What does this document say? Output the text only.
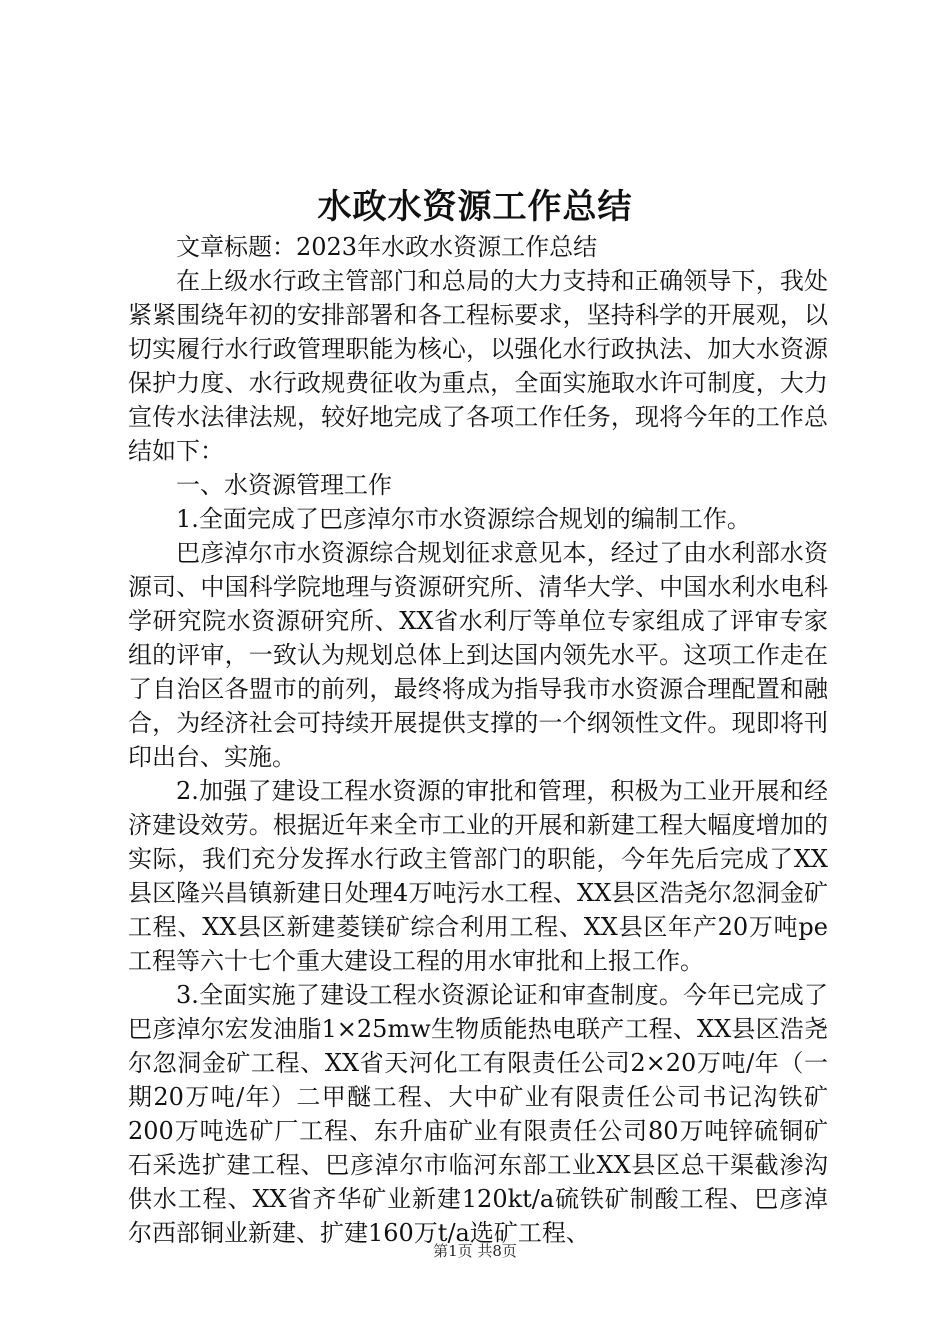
水政水资源工作总结

文章标题：2023年水政水资源工作总结

在上级水行政主管部门和总局的大力支持和正确领导下，我处紧紧围绕年初的安排部署和各工程标要求，坚持科学的开展观，以切实履行水行政管理职能为核心，以强化水行政执法、加大水资源保护力度、水行政规费征收为重点，全面实施取水许可制度，大力宣传水法律法规，较好地完成了各项工作任务，现将今年的工作总结如下：

一、水资源管理工作

1.全面完成了巴彦淖尔市水资源综合规划的编制工作。

巴彦淖尔市水资源综合规划征求意见本，经过了由水利部水资源司、中国科学院地理与资源研究所、清华大学、中国水利水电科学研究院水资源研究所、XX省水利厅等单位专家组成了评审专家组的评审，一致认为规划总体上到达国内领先水平。这项工作走在了自治区各盟市的前列，最终将成为指导我市水资源合理配置和融合，为经济社会可持续开展提供支撑的一个纲领性文件。现即将刊印出台、实施。

2.加强了建设工程水资源的审批和管理，积极为工业开展和经济建设效劳。根据近年来全市工业的开展和新建工程大幅度增加的实际，我们充分发挥水行政主管部门的职能，今年先后完成了XX县区隆兴昌镇新建日处理4万吨污水工程、XX县区浩尧尔忽洞金矿工程、XX县区新建菱镁矿综合利用工程、XX县区年产20万吨pe工程等六十七个重大建设工程的用水审批和上报工作。

3.全面实施了建设工程水资源论证和审查制度。今年已完成了巴彦淖尔宏发油脂1×25mw生物质能热电联产工程、XX县区浩尧尔忽洞金矿工程、XX省天河化工有限责任公司2×20万吨/年（一期20万吨/年）二甲醚工程、大中矿业有限责任公司书记沟铁矿200万吨选矿厂工程、东升庙矿业有限责任公司80万吨锌硫铜矿石采选扩建工程、巴彦淖尔市临河东部工业XX县区总干渠截渗沟供水工程、XX省齐华矿业新建120kt/a硫铁矿制酸工程、巴彦淖尔西部铜业新建、扩建160万t/a选矿工程、

第1页 共8页
